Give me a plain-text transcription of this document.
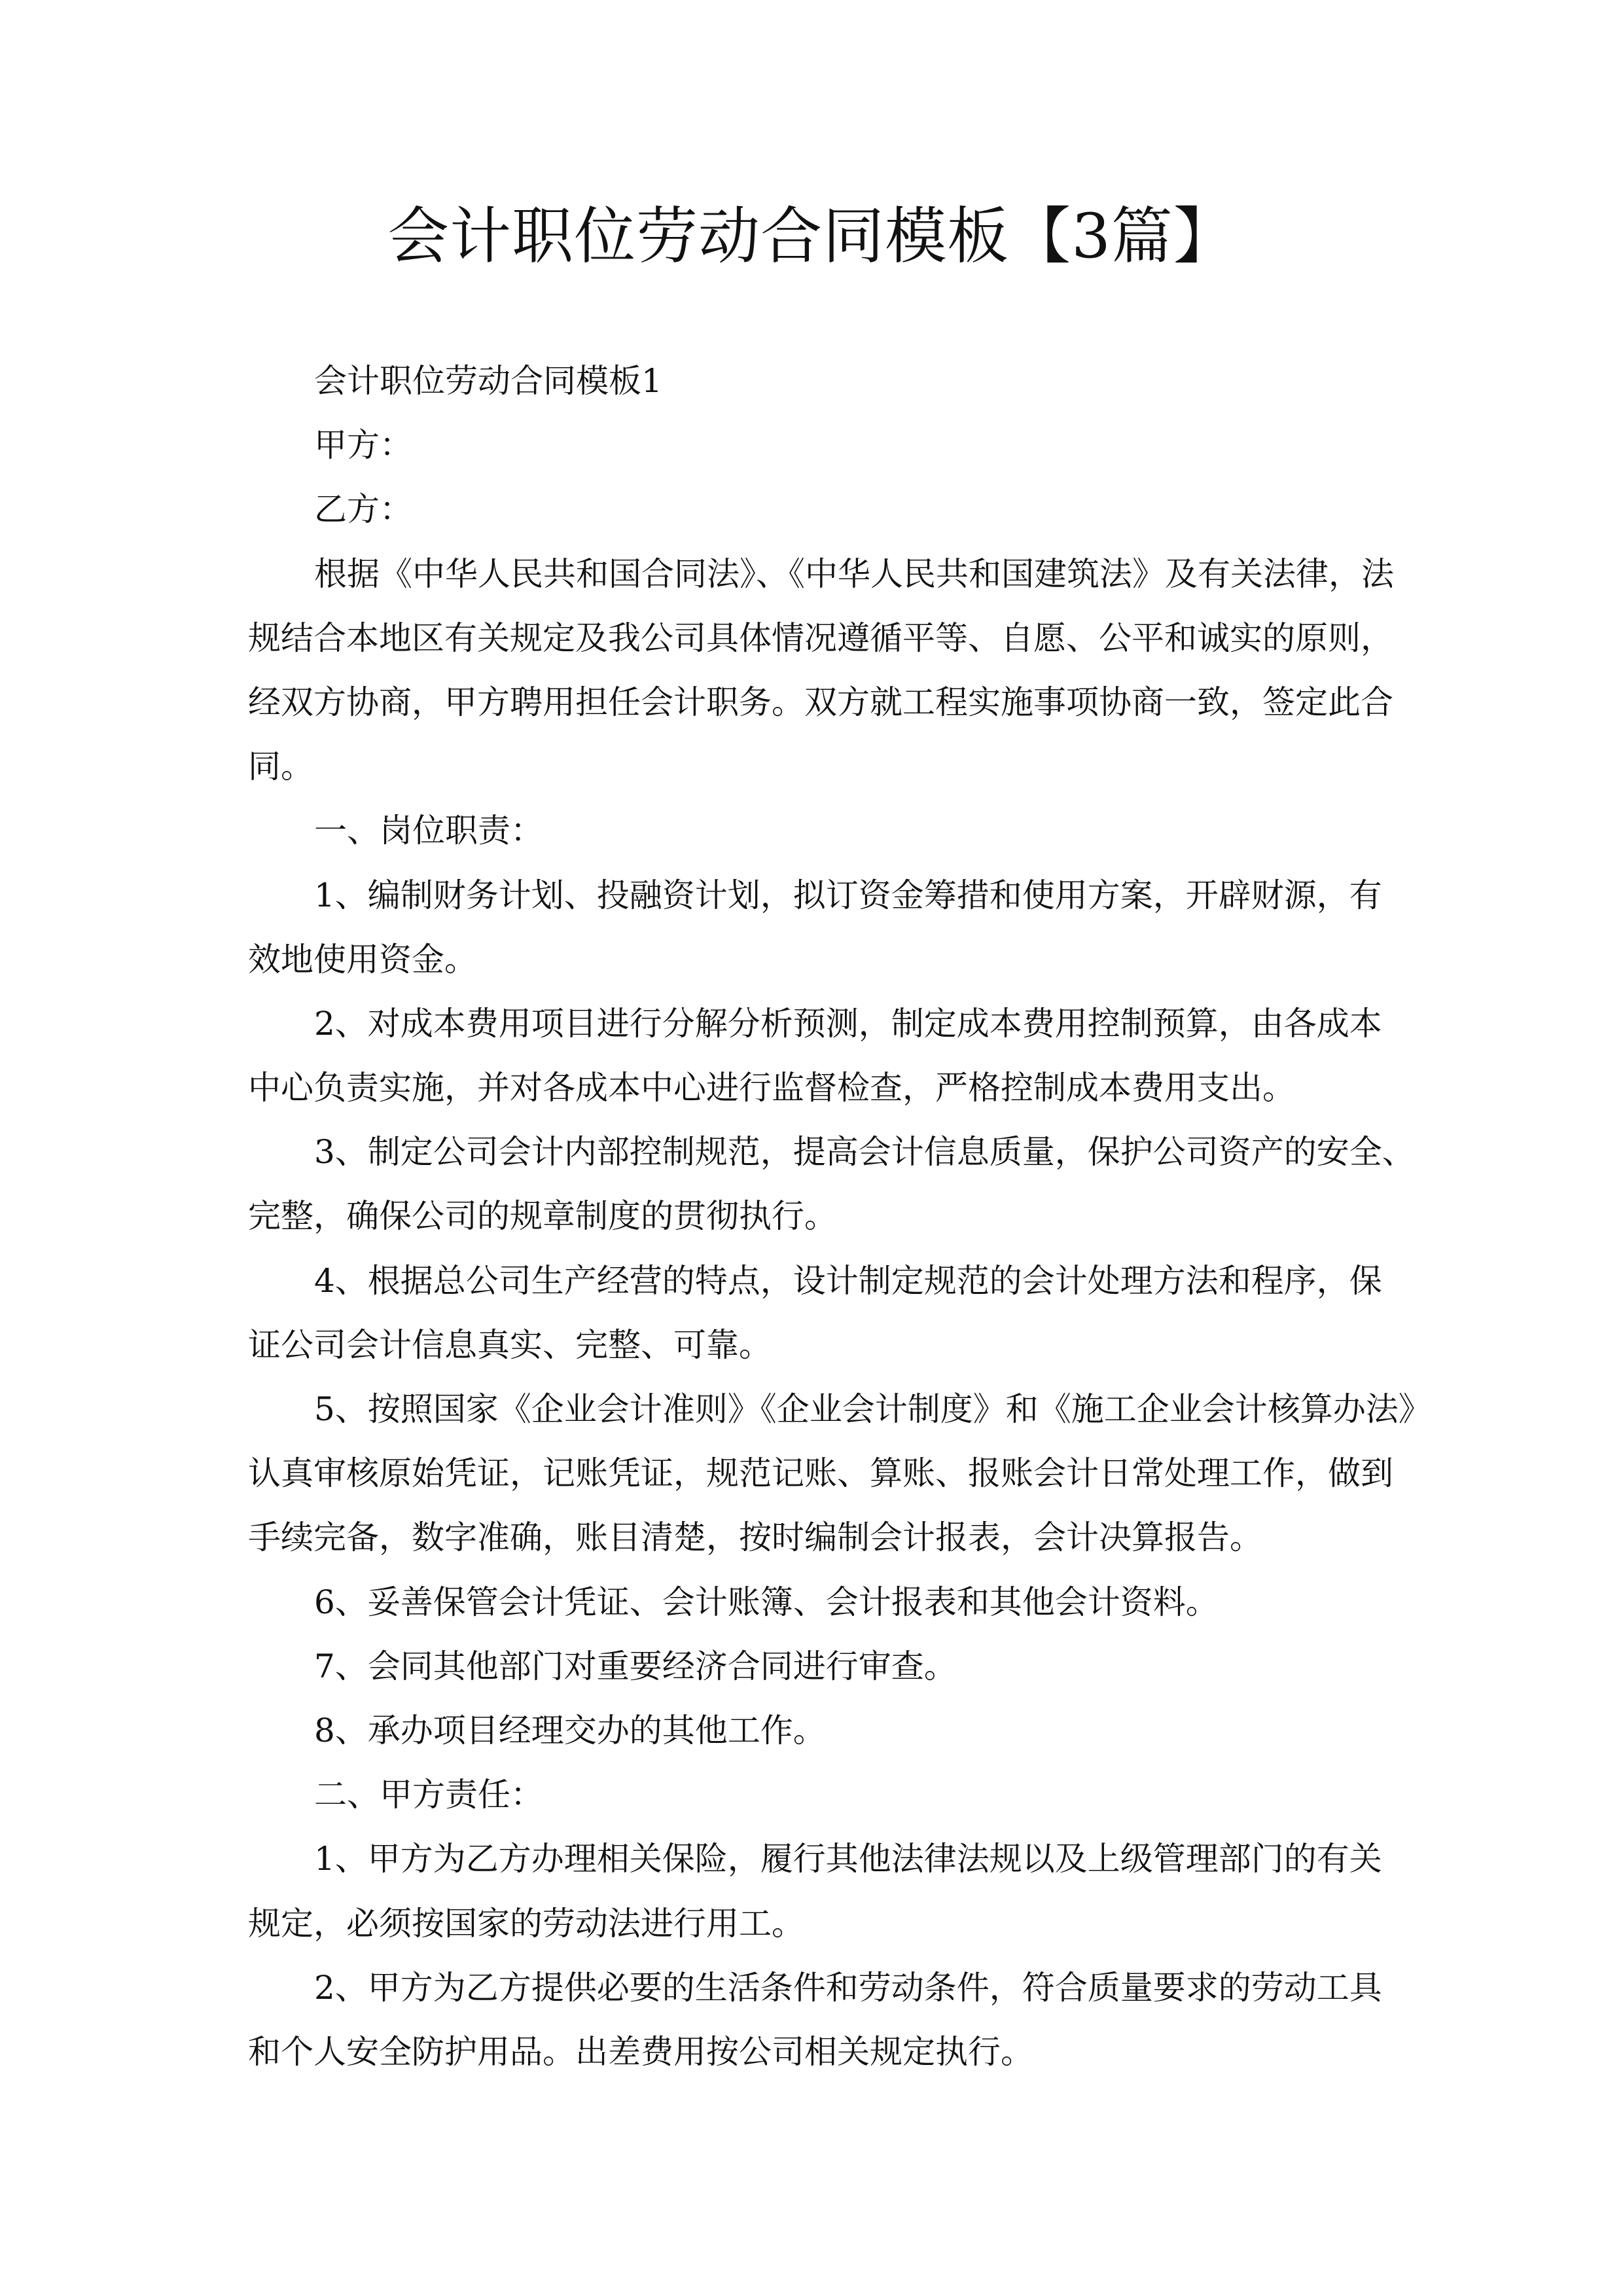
会计职位劳动合同模板【3篇】
会计职位劳动合同模板1
甲方：
乙方：
根据《中华人民共和国合同法》、《中华人民共和国建筑法》及有关法律，法
规结合本地区有关规定及我公司具体情况遵循平等、自愿、公平和诚实的原则，
经双方协商，甲方聘用担任会计职务。双方就工程实施事项协商一致，签定此合
同。
一、岗位职责：
1、编制财务计划、投融资计划，拟订资金筹措和使用方案，开辟财源，有
效地使用资金。
2、对成本费用项目进行分解分析预测，制定成本费用控制预算，由各成本
中心负责实施，并对各成本中心进行监督检查，严格控制成本费用支出。
3、制定公司会计内部控制规范，提高会计信息质量，保护公司资产的安全、
完整，确保公司的规章制度的贯彻执行。
4、根据总公司生产经营的特点，设计制定规范的会计处理方法和程序，保
证公司会计信息真实、完整、可靠。
5、按照国家《企业会计准则》《企业会计制度》和《施工企业会计核算办法》
认真审核原始凭证，记账凭证，规范记账、算账、报账会计日常处理工作，做到
手续完备，数字准确，账目清楚，按时编制会计报表，会计决算报告。
6、妥善保管会计凭证、会计账簿、会计报表和其他会计资料。
7、会同其他部门对重要经济合同进行审查。
8、承办项目经理交办的其他工作。
二、甲方责任：
1、甲方为乙方办理相关保险，履行其他法律法规以及上级管理部门的有关
规定，必须按国家的劳动法进行用工。
2、甲方为乙方提供必要的生活条件和劳动条件，符合质量要求的劳动工具
和个人安全防护用品。出差费用按公司相关规定执行。
